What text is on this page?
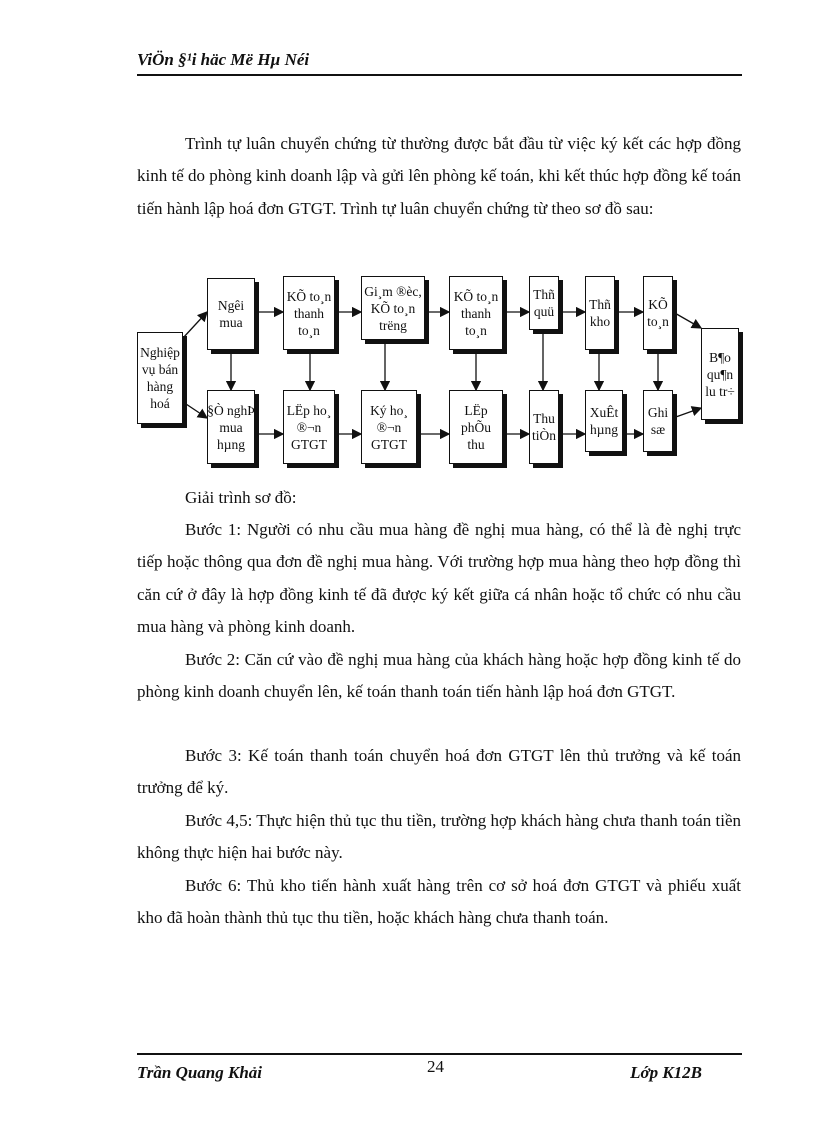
ViÖn §¹i häc Më Hµ Néi

Trình tự luân chuyển chứng từ thường được bắt đầu từ việc ký kết các hợp đồng kinh tế do phòng kinh doanh lập và gửi lên phòng kế toán, khi kết thúc hợp đồng kế toán tiến hành lập hoá đơn GTGT. Trình tự luân chuyển chứng từ theo sơ đồ sau:

Nghiệp
vụ bán
hàng
hoá
Ngêi
mua
KÕ to¸n
thanh
to¸n
Gi¸m ®èc,
KÕ to¸n
trëng
KÕ to¸n
thanh
to¸n
Thñ
quü	Thñ
kho
KÕ
to¸n
§Ò nghÞ
mua
hµng
LËp ho¸
®¬n
GTGT
Ký ho¸
®¬n
GTGT
LËp
phÕu
thu
Thu
tiÒn
XuÊt
hµng
Ghi
sæ
B¶o
qu¶n
lu tr÷

Giải trình sơ đồ:

Bước 1: Người có nhu cầu mua hàng đề nghị mua hàng, có thể là đè nghị trực tiếp hoặc thông qua đơn đề nghị mua hàng. Với trường hợp mua hàng theo hợp đồng thì căn cứ ở đây là hợp đồng kinh tế đã được ký kết giữa cá nhân hoặc tổ chức có nhu cầu mua hàng và phòng kinh doanh.

Bước 2: Căn cứ vào đề nghị mua hàng của khách hàng hoặc hợp đồng kinh tế do phòng kinh doanh chuyển lên, kế toán thanh toán tiến hành lập hoá đơn GTGT.

Bước 3: Kế toán thanh toán chuyển hoá đơn GTGT lên thủ trưởng và kế toán trưởng để ký.

Bước 4,5: Thực hiện thủ tục thu tiền, trường hợp khách hàng chưa thanh toán tiền không thực hiện hai bước này.

Bước 6: Thủ kho tiến hành xuất hàng trên cơ sở hoá đơn GTGT và phiếu xuất kho đã hoàn thành thủ tục thu tiền, hoặc khách hàng chưa thanh toán.

Trần Quang Khải	24	Lớp K12B
